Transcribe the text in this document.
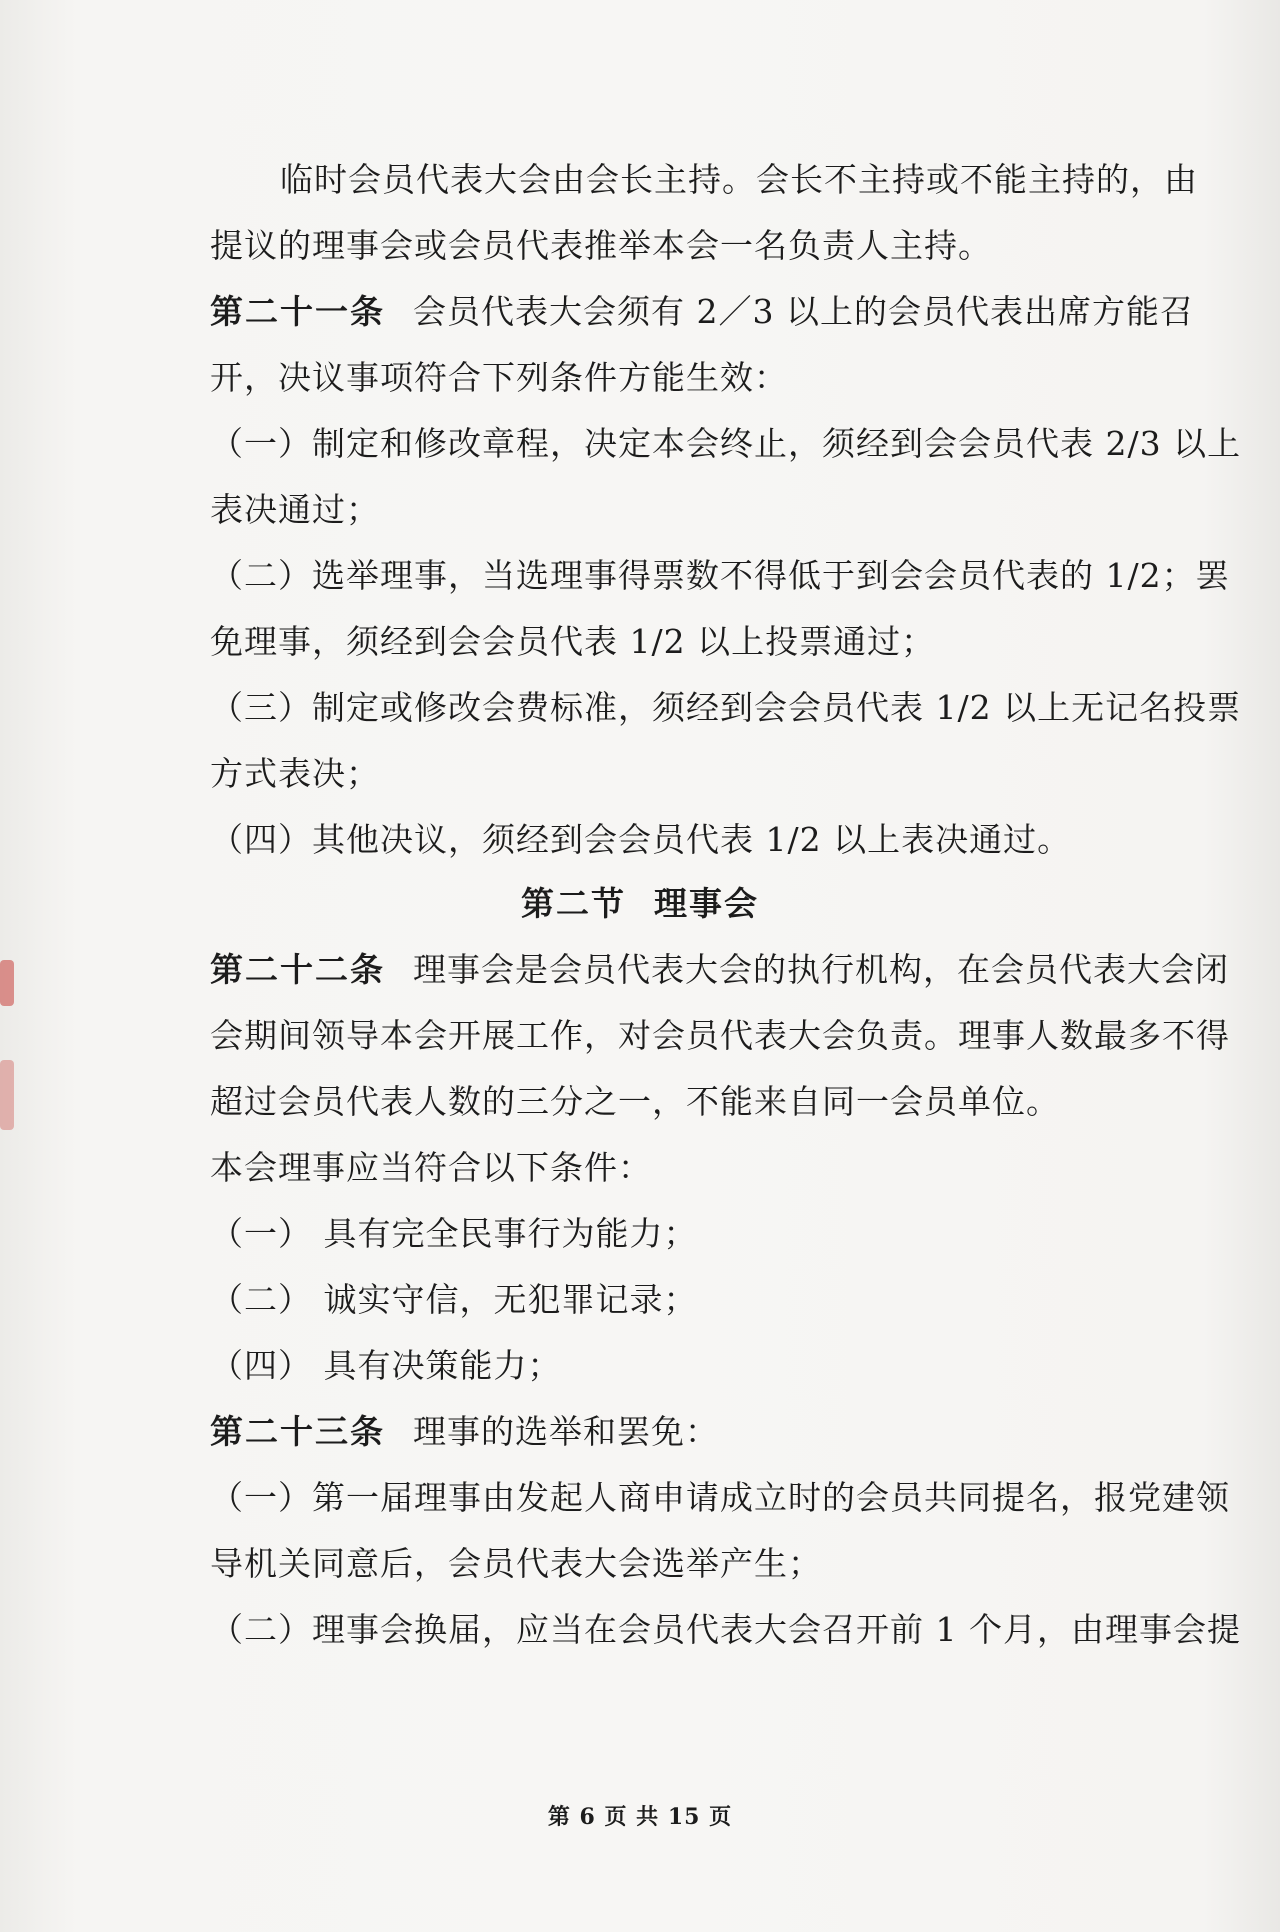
临时会员代表大会由会长主持。会长不主持或不能主持的，由
提议的理事会或会员代表推举本会一名负责人主持。
第二十一条 会员代表大会须有 2／3 以上的会员代表出席方能召
开，决议事项符合下列条件方能生效：
（一）制定和修改章程，决定本会终止，须经到会会员代表 2/3 以上
表决通过；
（二）选举理事，当选理事得票数不得低于到会会员代表的 1/2；罢
免理事，须经到会会员代表 1/2 以上投票通过；
（三）制定或修改会费标准，须经到会会员代表 1/2 以上无记名投票
方式表决；
（四）其他决议，须经到会会员代表 1/2 以上表决通过。
第二节 理事会
第二十二条 理事会是会员代表大会的执行机构，在会员代表大会闭
会期间领导本会开展工作，对会员代表大会负责。理事人数最多不得
超过会员代表人数的三分之一，不能来自同一会员单位。
本会理事应当符合以下条件：
（一） 具有完全民事行为能力；
（二） 诚实守信，无犯罪记录；
（四） 具有决策能力；
第二十三条 理事的选举和罢免：
（一）第一届理事由发起人商申请成立时的会员共同提名，报党建领
导机关同意后，会员代表大会选举产生；
（二）理事会换届，应当在会员代表大会召开前 1 个月，由理事会提
第 6 页 共 15 页
